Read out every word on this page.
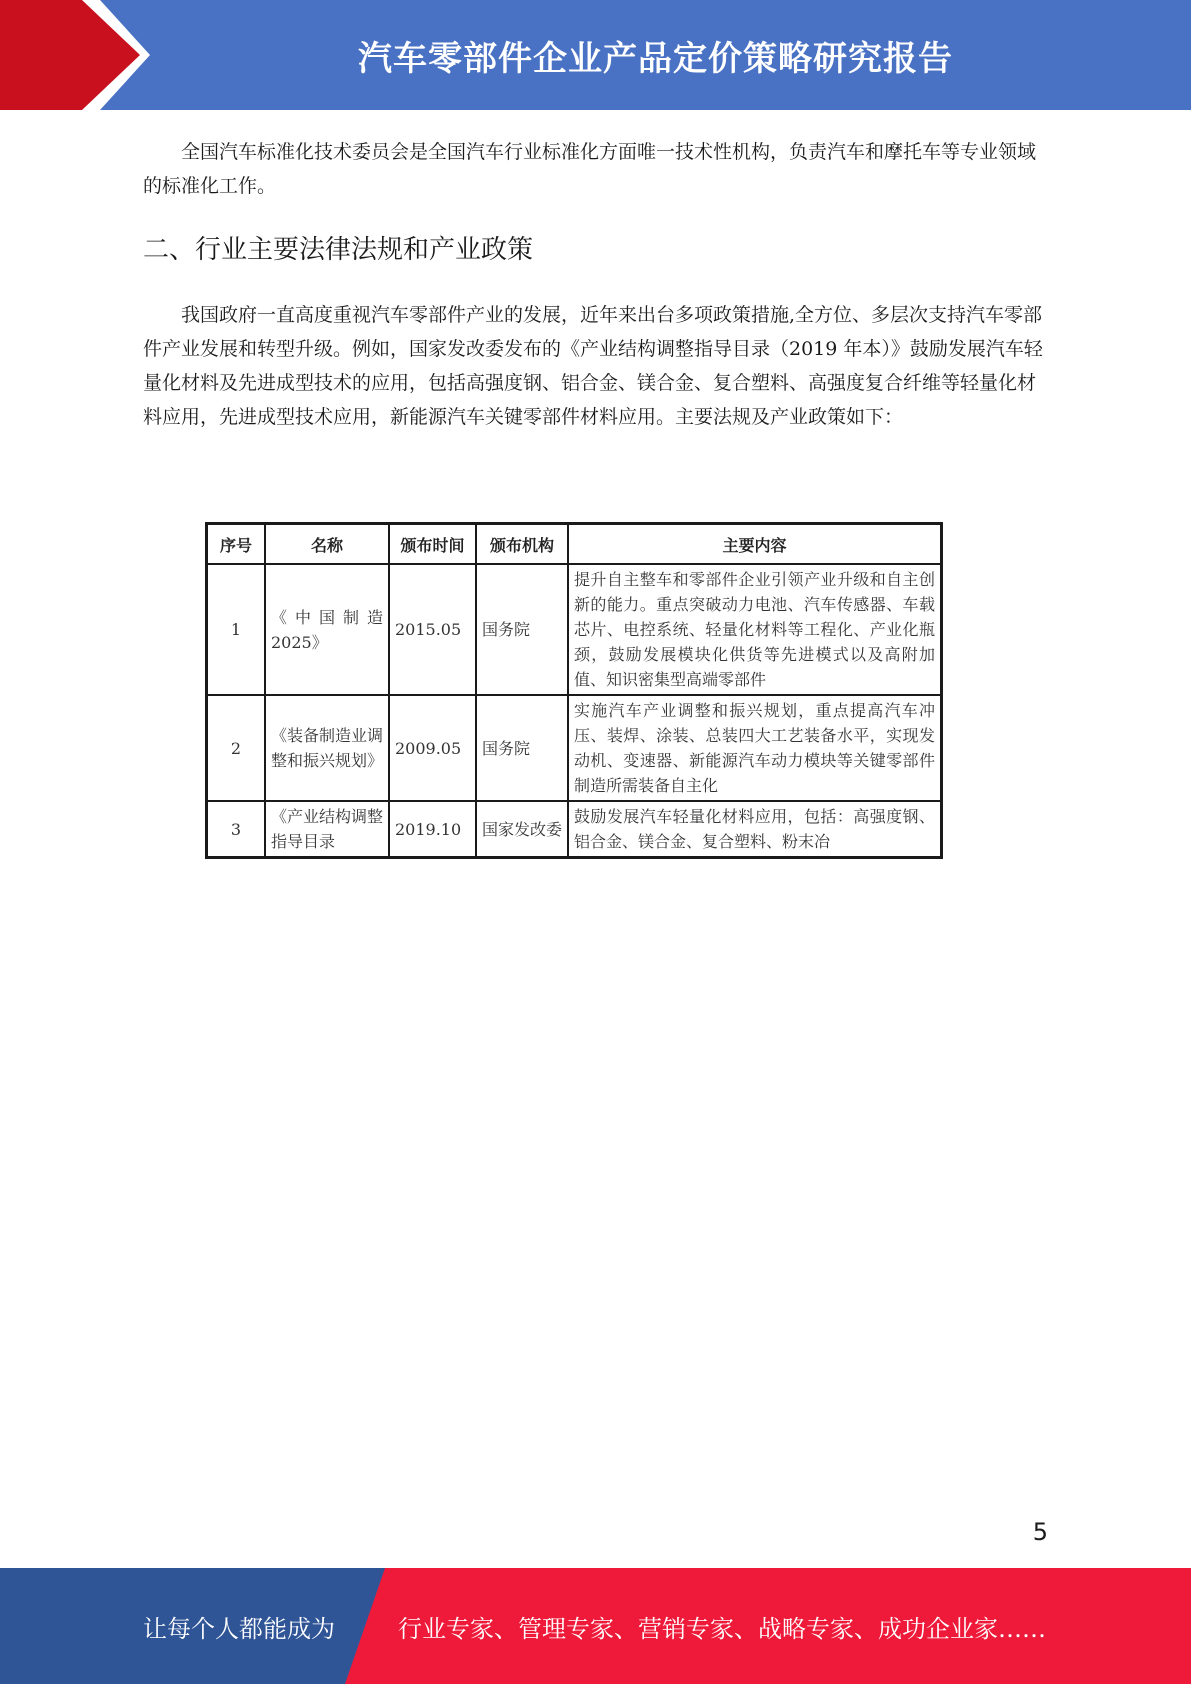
汽车零部件企业产品定价策略研究报告

全国汽车标准化技术委员会是全国汽车行业标准化方面唯一技术性机构，负责汽车和摩托车等专业领域的标准化工作。

二、行业主要法律法规和产业政策

我国政府一直高度重视汽车零部件产业的发展，近年来出台多项政策措施,全方位、多层次支持汽车零部件产业发展和转型升级。例如，国家发改委发布的《产业结构调整指导目录（2019 年本）》鼓励发展汽车轻量化材料及先进成型技术的应用，包括高强度钢、铝合金、镁合金、复合塑料、高强度复合纤维等轻量化材料应用，先进成型技术应用，新能源汽车关键零部件材料应用。主要法规及产业政策如下：

序号	名称	颁布时间	颁布机构	主要内容
1	《中国制造2025》	2015.05	国务院	提升自主整车和零部件企业引领产业升级和自主创新的能力。重点突破动力电池、汽车传感器、车载芯片、电控系统、轻量化材料等工程化、产业化瓶颈，鼓励发展模块化供货等先进模式以及高附加值、知识密集型高端零部件
2	《装备制造业调整和振兴规划》	2009.05	国务院	实施汽车产业调整和振兴规划，重点提高汽车冲压、装焊、涂装、总装四大工艺装备水平，实现发动机、变速器、新能源汽车动力模块等关键零部件制造所需装备自主化
3	《产业结构调整指导目录	2019.10	国家发改委	鼓励发展汽车轻量化材料应用，包括：高强度钢、铝合金、镁合金、复合塑料、粉末冶
5
让每个人都能成为	行业专家、管理专家、营销专家、战略专家、成功企业家……
